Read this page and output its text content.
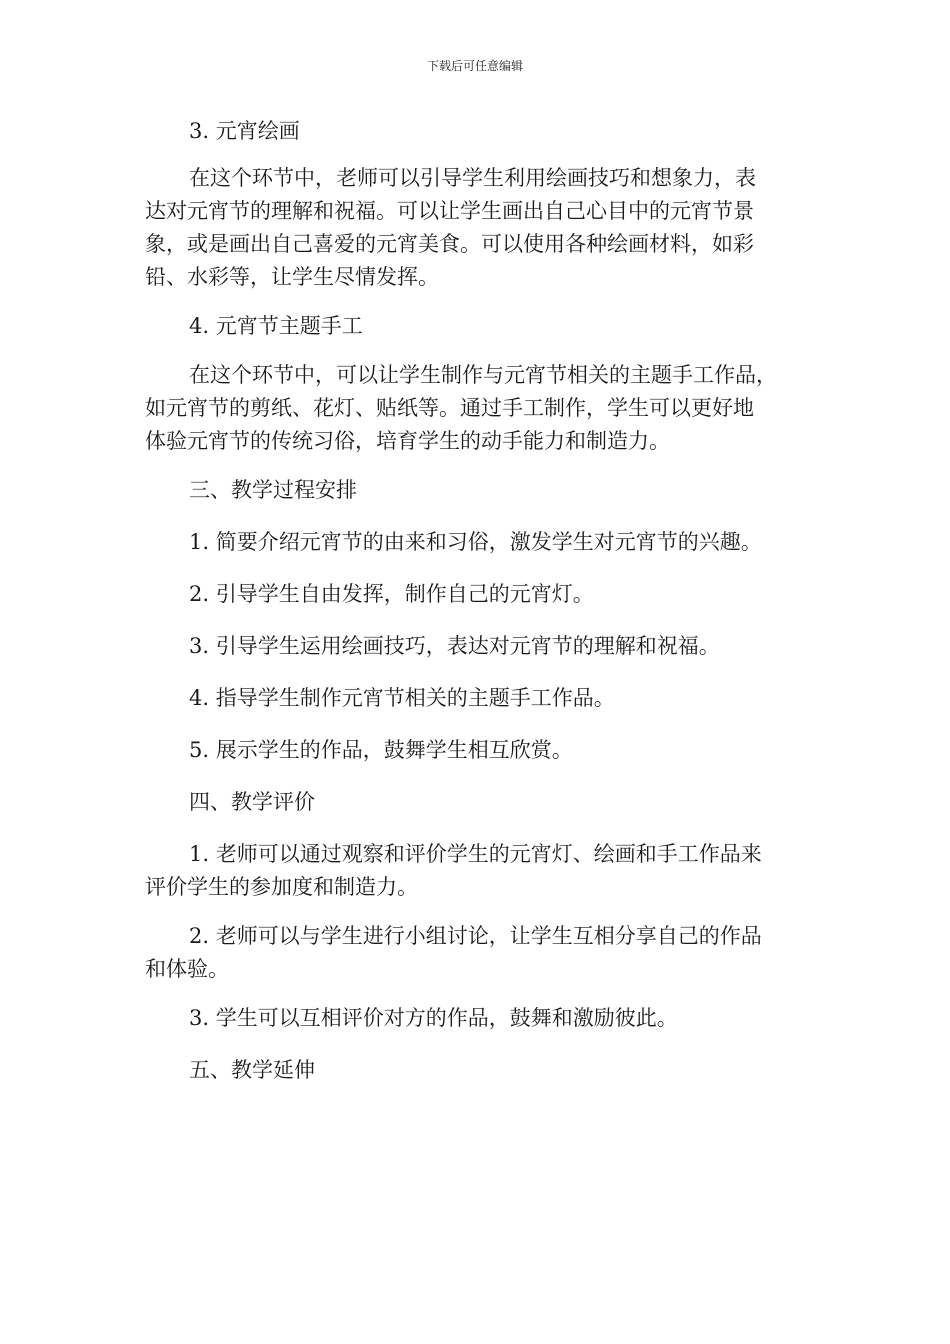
下载后可任意编辑

3. 元宵绘画

在这个环节中，老师可以引导学生利用绘画技巧和想象力，表

达对元宵节的理解和祝福。可以让学生画出自己心目中的元宵节景

象，或是画出自己喜爱的元宵美食。可以使用各种绘画材料，如彩

铅、水彩等，让学生尽情发挥。

4. 元宵节主题手工

在这个环节中，可以让学生制作与元宵节相关的主题手工作品，

如元宵节的剪纸、花灯、贴纸等。通过手工制作，学生可以更好地

体验元宵节的传统习俗，培育学生的动手能力和制造力。

三、教学过程安排

1. 简要介绍元宵节的由来和习俗，激发学生对元宵节的兴趣。

2. 引导学生自由发挥，制作自己的元宵灯。

3. 引导学生运用绘画技巧，表达对元宵节的理解和祝福。

4. 指导学生制作元宵节相关的主题手工作品。

5. 展示学生的作品，鼓舞学生相互欣赏。

四、教学评价

1. 老师可以通过观察和评价学生的元宵灯、绘画和手工作品来

评价学生的参加度和制造力。

2. 老师可以与学生进行小组讨论，让学生互相分享自己的作品

和体验。

3. 学生可以互相评价对方的作品，鼓舞和激励彼此。

五、教学延伸
